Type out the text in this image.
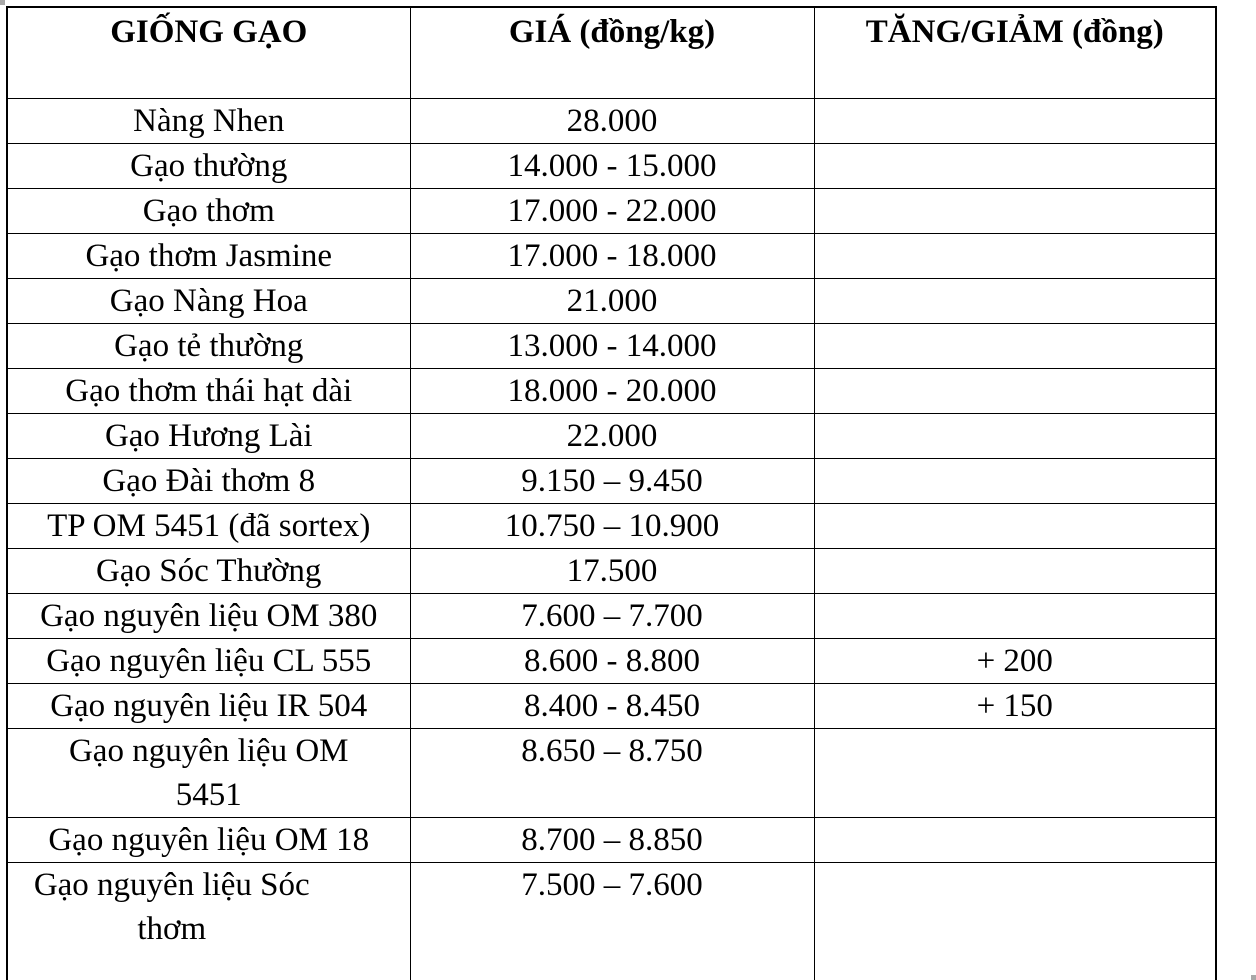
GIỐNG GẠO	GIÁ (đồng/kg)	TĂNG/GIẢM (đồng)
Nàng Nhen	28.000	
Gạo thường	14.000 - 15.000	
Gạo thơm	17.000 - 22.000	
Gạo thơm Jasmine	17.000 - 18.000	
Gạo Nàng Hoa	21.000	
Gạo tẻ thường	13.000 - 14.000	
Gạo thơm thái hạt dài	18.000 - 20.000	
Gạo Hương Lài	22.000	
Gạo Đài thơm 8	9.150 – 9.450	
TP OM 5451 (đã sortex)	10.750 – 10.900	
Gạo Sóc Thường	17.500	
Gạo nguyên liệu OM 380	7.600 – 7.700	
Gạo nguyên liệu CL 555	8.600 - 8.800	+ 200
Gạo nguyên liệu IR 504	8.400 - 8.450	+ 150
Gạo nguyên liệu OM 5451	8.650 – 8.750	
Gạo nguyên liệu OM 18	8.700 – 8.850	
Gạo nguyên liệu Sóc thơm	7.500 – 7.600	
